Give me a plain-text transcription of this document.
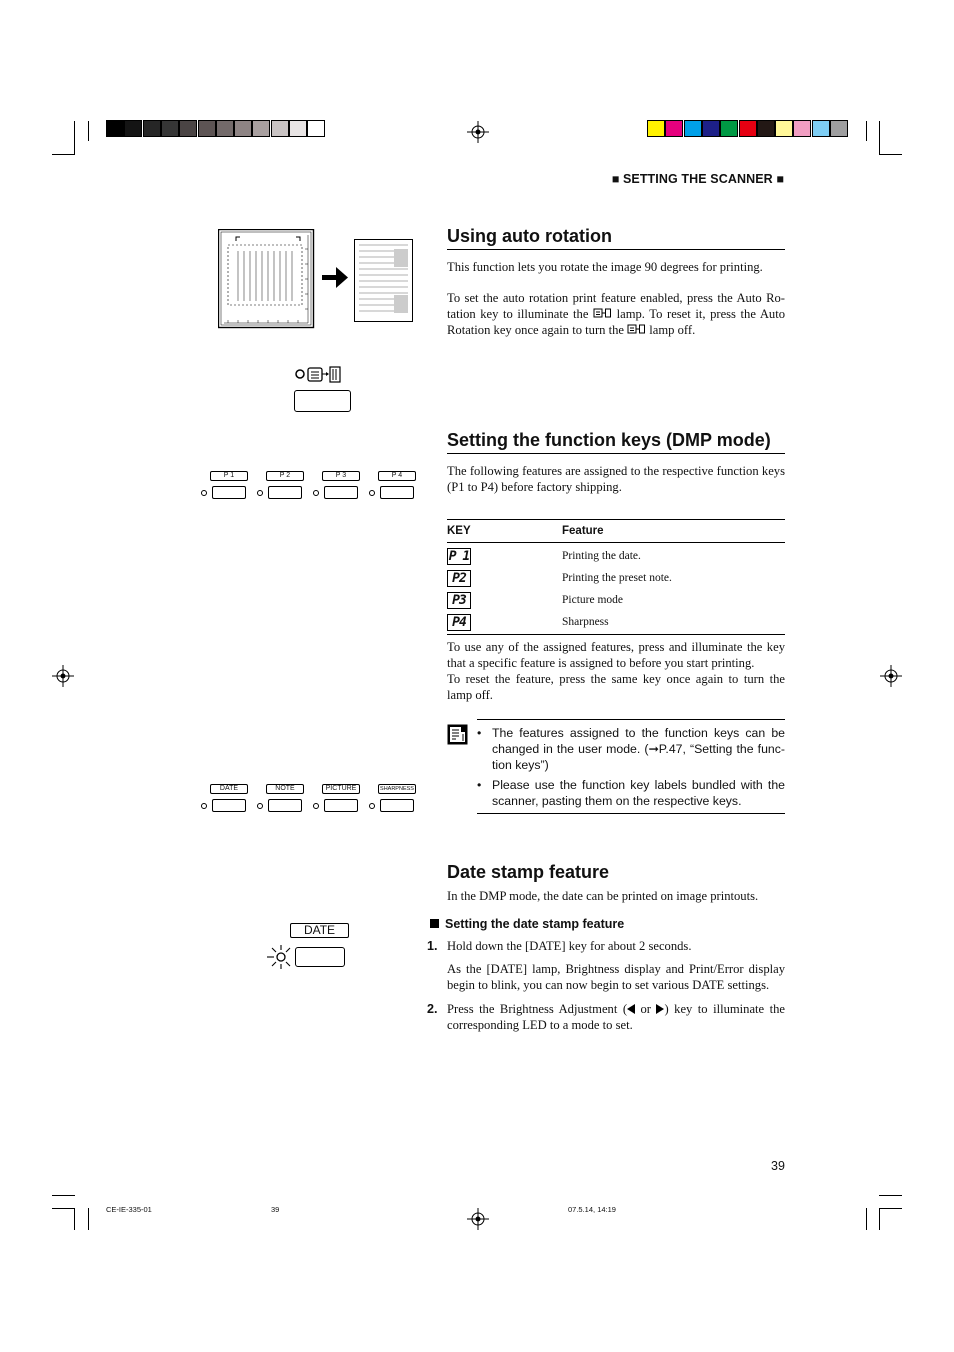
■ SETTING THE SCANNER ■
Using auto rotation

This function lets you rotate the image 90 degrees for printing.

To set the auto rotation print feature enabled, press the Auto Ro-tation key to illuminate the lamp. To reset it, press the Auto Rotation key once again to turn the lamp off.

P 1	P 2	P 3	P 4
DATE	NOTE	PICTURE	SHARPNESS
Setting the function keys (DMP mode)
The following features are assigned to the respective function keys (P1 to P4) before factory shipping.
KEY	Feature
P 1	Printing the date.
P2	Printing the preset note.
P3	Picture mode
P4	Sharpness

To use any of the assigned features, press and illuminate the key that a specific feature is assigned to before you start printing.

To reset the feature, press the same key once again to turn the lamp off.

• The features assigned to the function keys can be changed in the user mode. (➞P.47, “Setting the func-tion keys”)
• Please use the function key labels bundled with the scanner, pasting them on the respective keys.
Date stamp feature
In the DMP mode, the date can be printed on image printouts.
DATE	Setting the date stamp feature
1. Hold down the [DATE] key for about 2 seconds.
As the [DATE] lamp, Brightness display and Print/Error display begin to blink, you can now begin to set various DATE settings.
2. Press the Brightness Adjustment ( or ) key to illuminate the corresponding LED to a mode to set.
39
CE-IE-335-01	39	07.5.14, 14:19
